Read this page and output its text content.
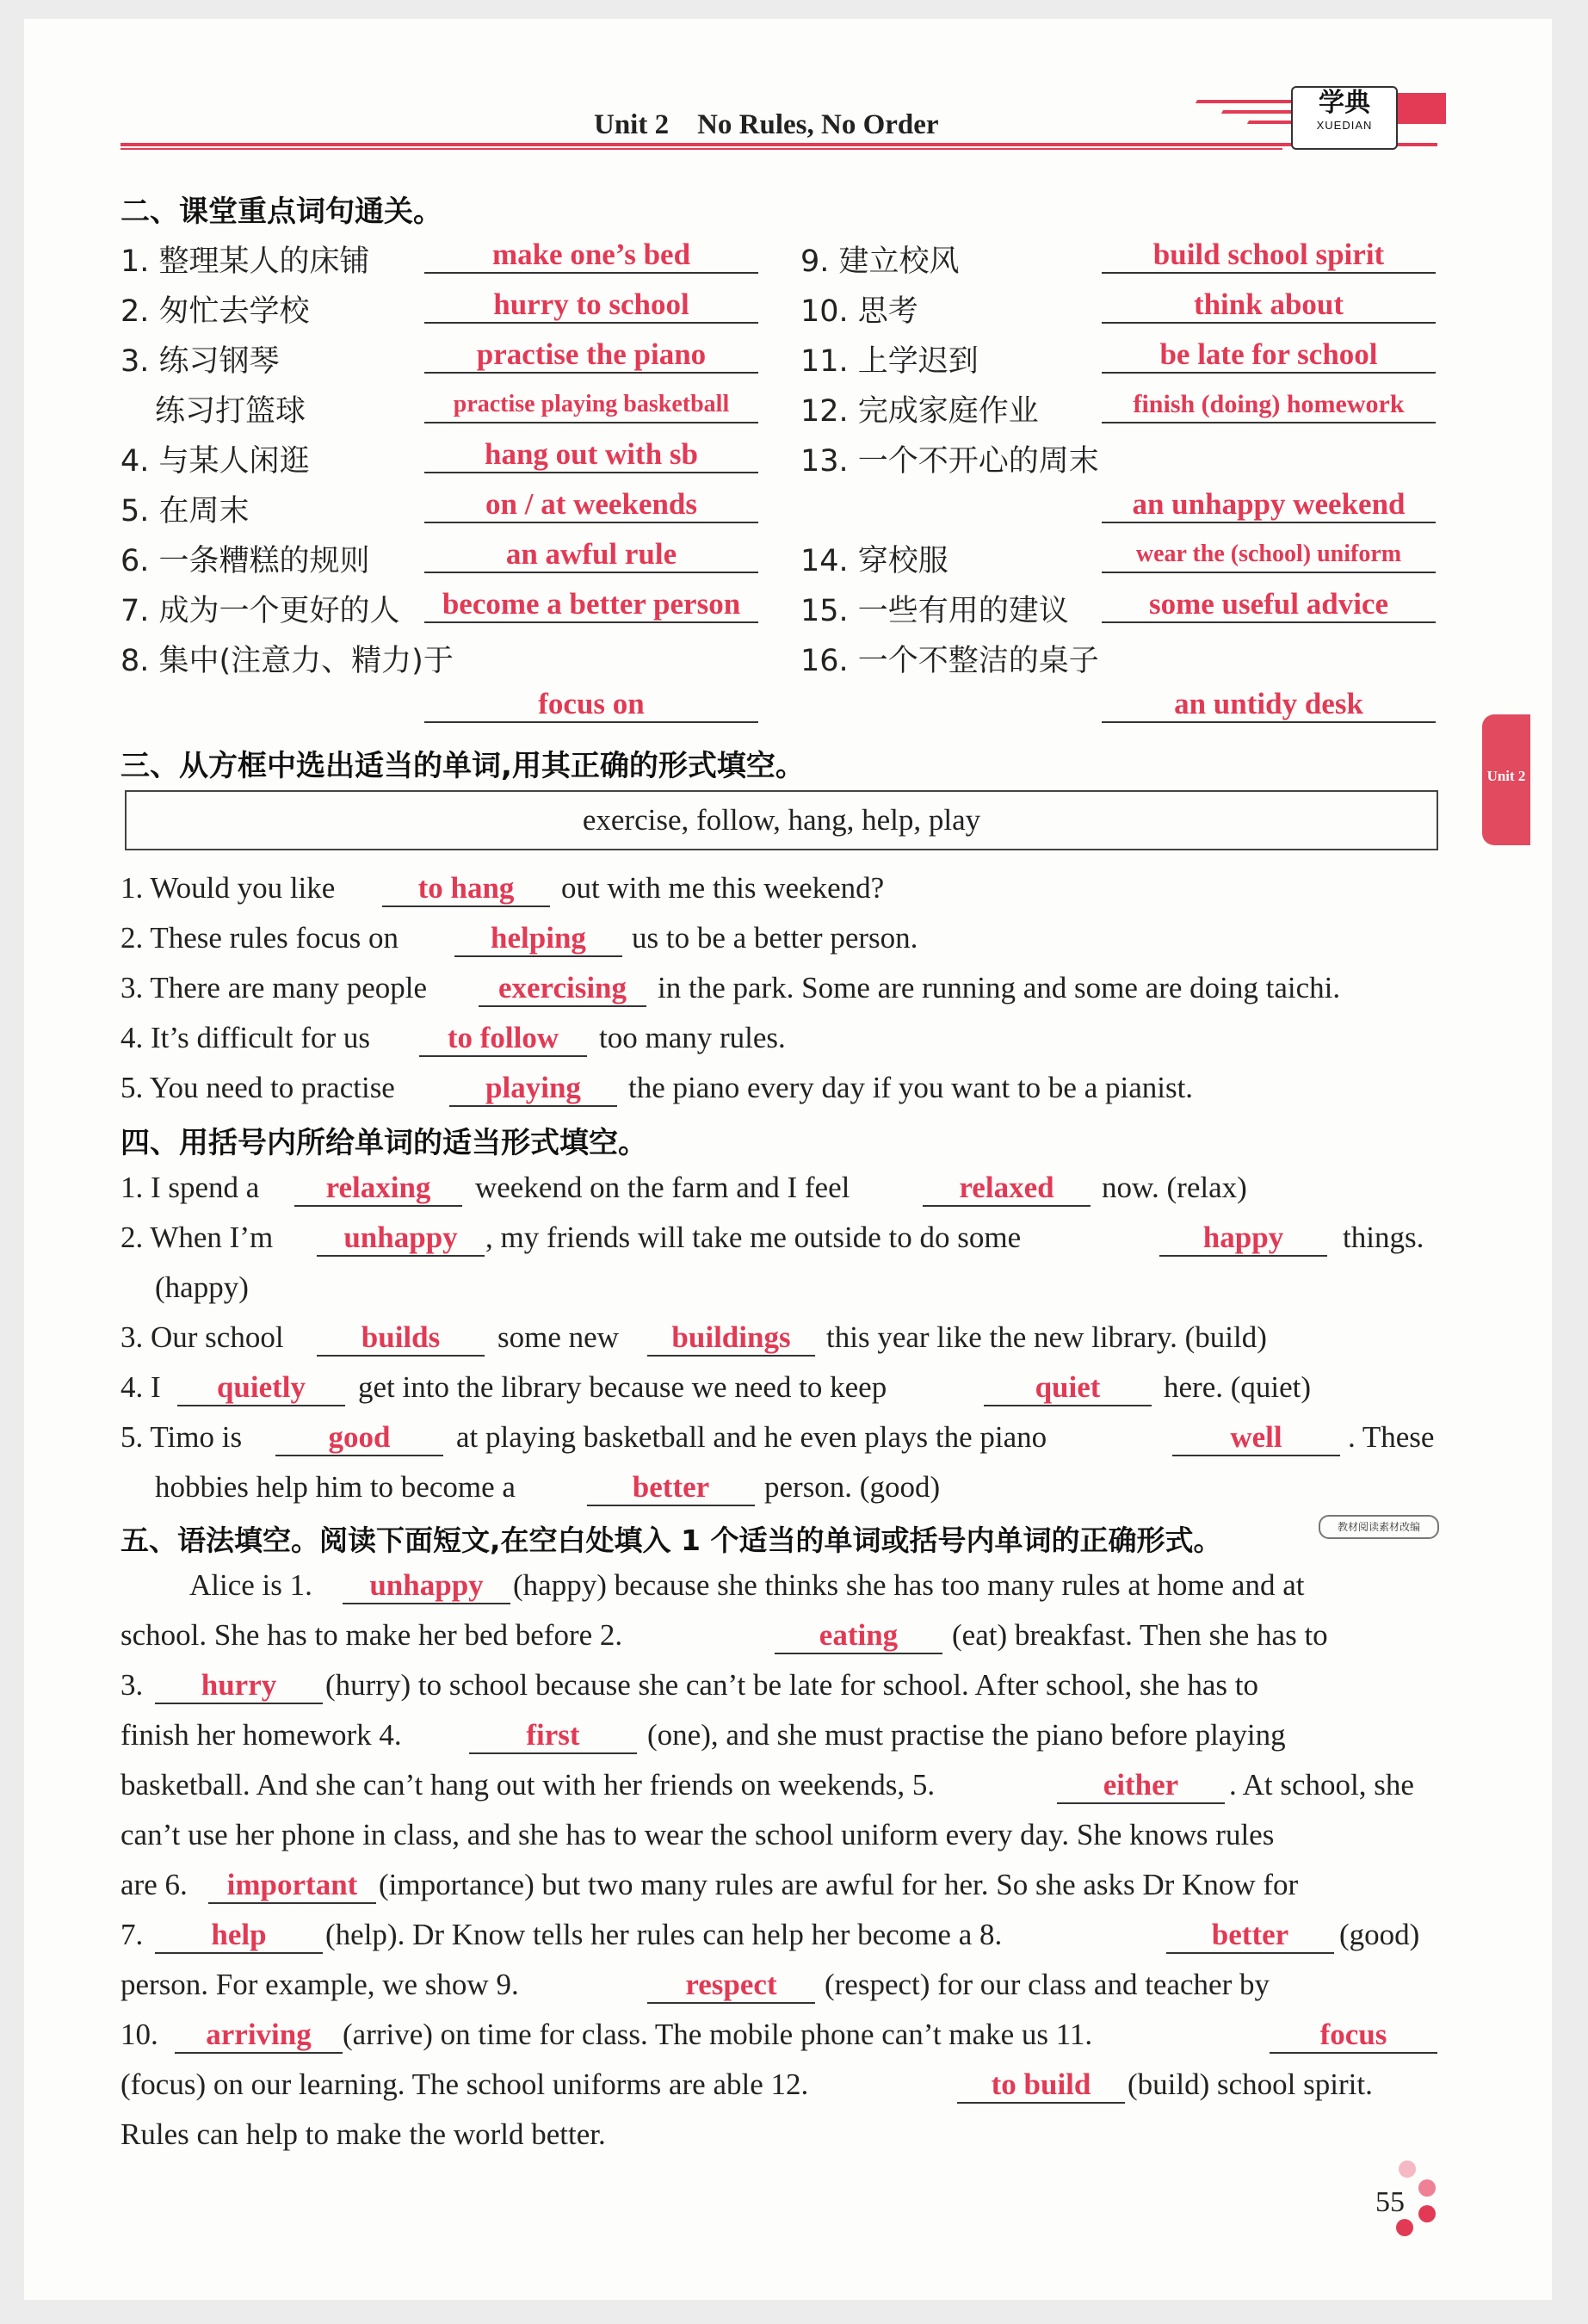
Unit 2　No Rules, No Order
学典
XUEDIAN
Unit 2
二、课堂重点词句通关。
1. 整理某人的床铺	make one’s bed
2. 匆忙去学校	hurry to school
3. 练习钢琴	practise the piano
练习打篮球	practise playing basketball
4. 与某人闲逛	hang out with sb
5. 在周末	on / at weekends
6. 一条糟糕的规则	an awful rule
7. 成为一个更好的人	become a better person
8. 集中(注意力、精力)于
focus on
9. 建立校风	build school spirit
10. 思考	think about
11. 上学迟到	be late for school
12. 完成家庭作业	finish (doing) homework
13. 一个不开心的周末
an unhappy weekend
14. 穿校服	wear the (school) uniform
15. 一些有用的建议	some useful advice
16. 一个不整洁的桌子
an untidy desk
三、从方框中选出适当的单词,用其正确的形式填空。
exercise, follow, hang, help, play
1. Would you like	to hang	out with me this weekend?
2. These rules focus on	helping	us to be a better person.
3. There are many people	exercising	in the park. Some are running and some are doing taichi.
4. It’s difficult for us	to follow	too many rules.
5. You need to practise	playing	the piano every day if you want to be a pianist.
四、用括号内所给单词的适当形式填空。
1. I spend a	relaxing	weekend on the farm and I feel	relaxed	now. (relax)
2. When I’m	unhappy , my friends will take me outside to do some	happy	things.
(happy)
3. Our school	builds	some new	buildings	this year like the new library. (build)
4. I	quietly	get into the library because we need to keep	quiet	here. (quiet)
5. Timo is	good	at playing basketball and he even plays the piano	well	. These
hobbies help him to become a	better	person. (good)
五、语法填空。阅读下面短文,在空白处填入 1 个适当的单词或括号内单词的正确形式。	教材阅读素材改编
Alice is 1.	unhappy (happy) because she thinks she has too many rules at home and at
school. She has to make her bed before 2.	eating	(eat) breakfast. Then she has to
3.	hurry	(hurry) to school because she can’t be late for school. After school, she has to
finish her homework 4.	first	(one), and she must practise the piano before playing
basketball. And she can’t hang out with her friends on weekends, 5.	either	. At school, she
can’t use her phone in class, and she has to wear the school uniform every day. She knows rules
are 6.	important (importance) but two many rules are awful for her. So she asks Dr Know for
7.	help	(help). Dr Know tells her rules can help her become a 8.	better	(good)
person. For example, we show 9.	respect	(respect) for our class and teacher by
10.	arriving	(arrive) on time for class. The mobile phone can’t make us 11.	focus
(focus) on our learning. The school uniforms are able 12.	to build	(build) school spirit.
Rules can help to make the world better.
55
